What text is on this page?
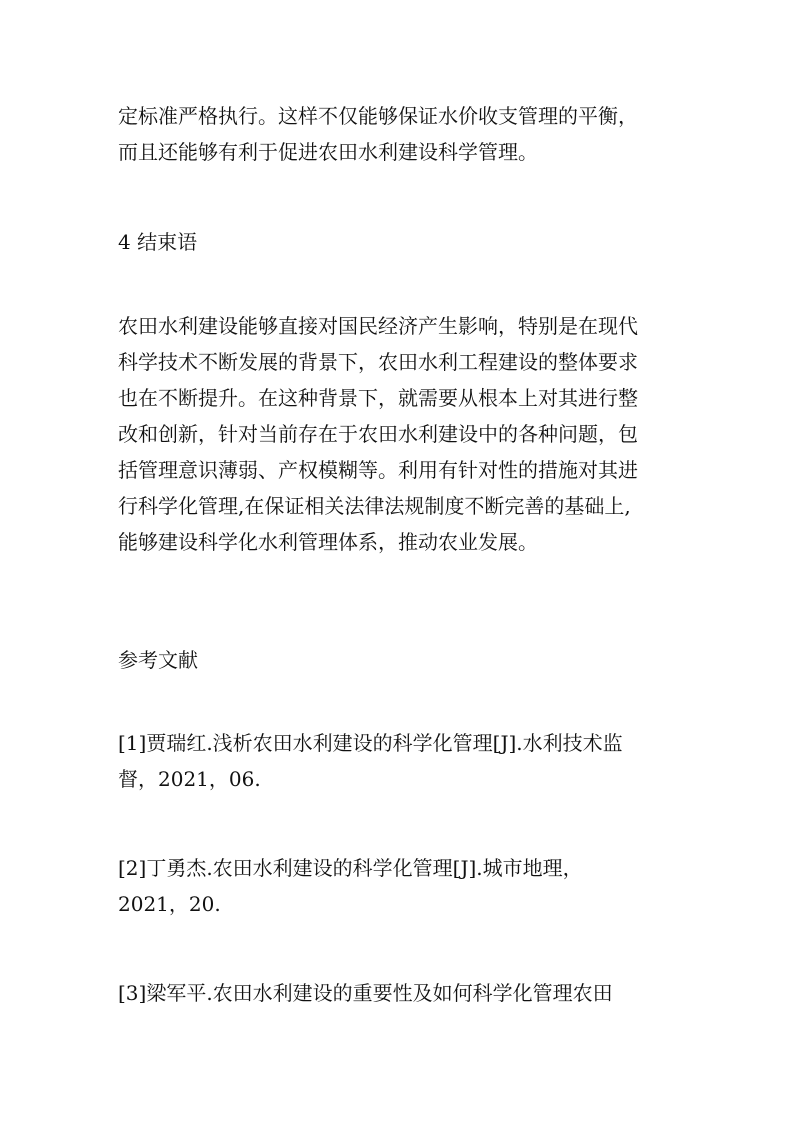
定标准严格执行。这样不仅能够保证水价收支管理的平衡，
而且还能够有利于促进农田水利建设科学管理。
4 结束语
农田水利建设能够直接对国民经济产生影响，特别是在现代
科学技术不断发展的背景下，农田水利工程建设的整体要求
也在不断提升。在这种背景下，就需要从根本上对其进行整
改和创新，针对当前存在于农田水利建设中的各种问题，包
括管理意识薄弱、产权模糊等。利用有针对性的措施对其进
行科学化管理,在保证相关法律法规制度不断完善的基础上,
能够建设科学化水利管理体系，推动农业发展。
参考文献
[1]贾瑞红.浅析农田水利建设的科学化管理[J].水利技术监
督，2021，06.
[2]丁勇杰.农田水利建设的科学化管理[J].城市地理，
2021，20.
[3]梁军平.农田水利建设的重要性及如何科学化管理农田
